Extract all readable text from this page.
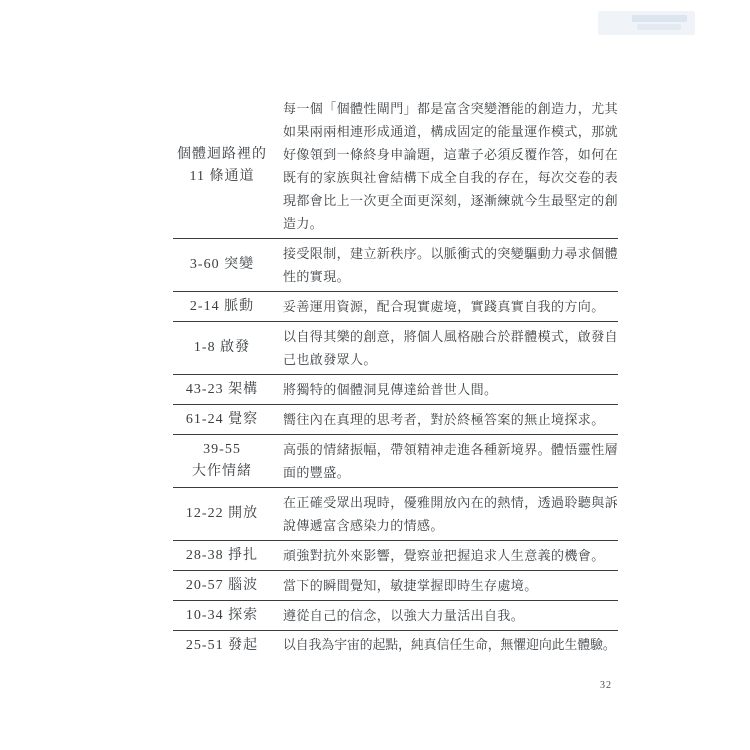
個體迴路裡的
11 條通道
每一個「個體性閘門」都是富含突變潛能的創造力，尤其如果兩兩相連形成通道，構成固定的能量運作模式，那就好像領到一條終身申論題，這輩子必須反覆作答，如何在既有的家族與社會結構下成全自我的存在，每次交卷的表現都會比上一次更全面更深刻，逐漸練就今生最堅定的創造力。
3-60 突變
接受限制，建立新秩序。以脈衝式的突變驅動力尋求個體性的實現。
2-14 脈動 妥善運用資源，配合現實處境，實踐真實自我的方向。
1-8 啟發
以自得其樂的創意，將個人風格融合於群體模式，啟發自己也啟發眾人。
43-23 架構 將獨特的個體洞見傳達給普世人間。
61-24 覺察 嚮往內在真理的思考者，對於終極答案的無止境探求。
39-55
大作情緒
高張的情緒振幅，帶領精神走進各種新境界。體悟靈性層面的豐盛。
12-22 開放
在正確受眾出現時，優雅開放內在的熱情，透過聆聽與訴說傳遞富含感染力的情感。
28-38 掙扎 頑強對抗外來影響，覺察並把握追求人生意義的機會。
20-57 腦波 當下的瞬間覺知，敏捷掌握即時生存處境。
10-34 探索 遵從自己的信念，以強大力量活出自我。
25-51 發起 以自我為宇宙的起點，純真信任生命，無懼迎向此生體驗。
32
